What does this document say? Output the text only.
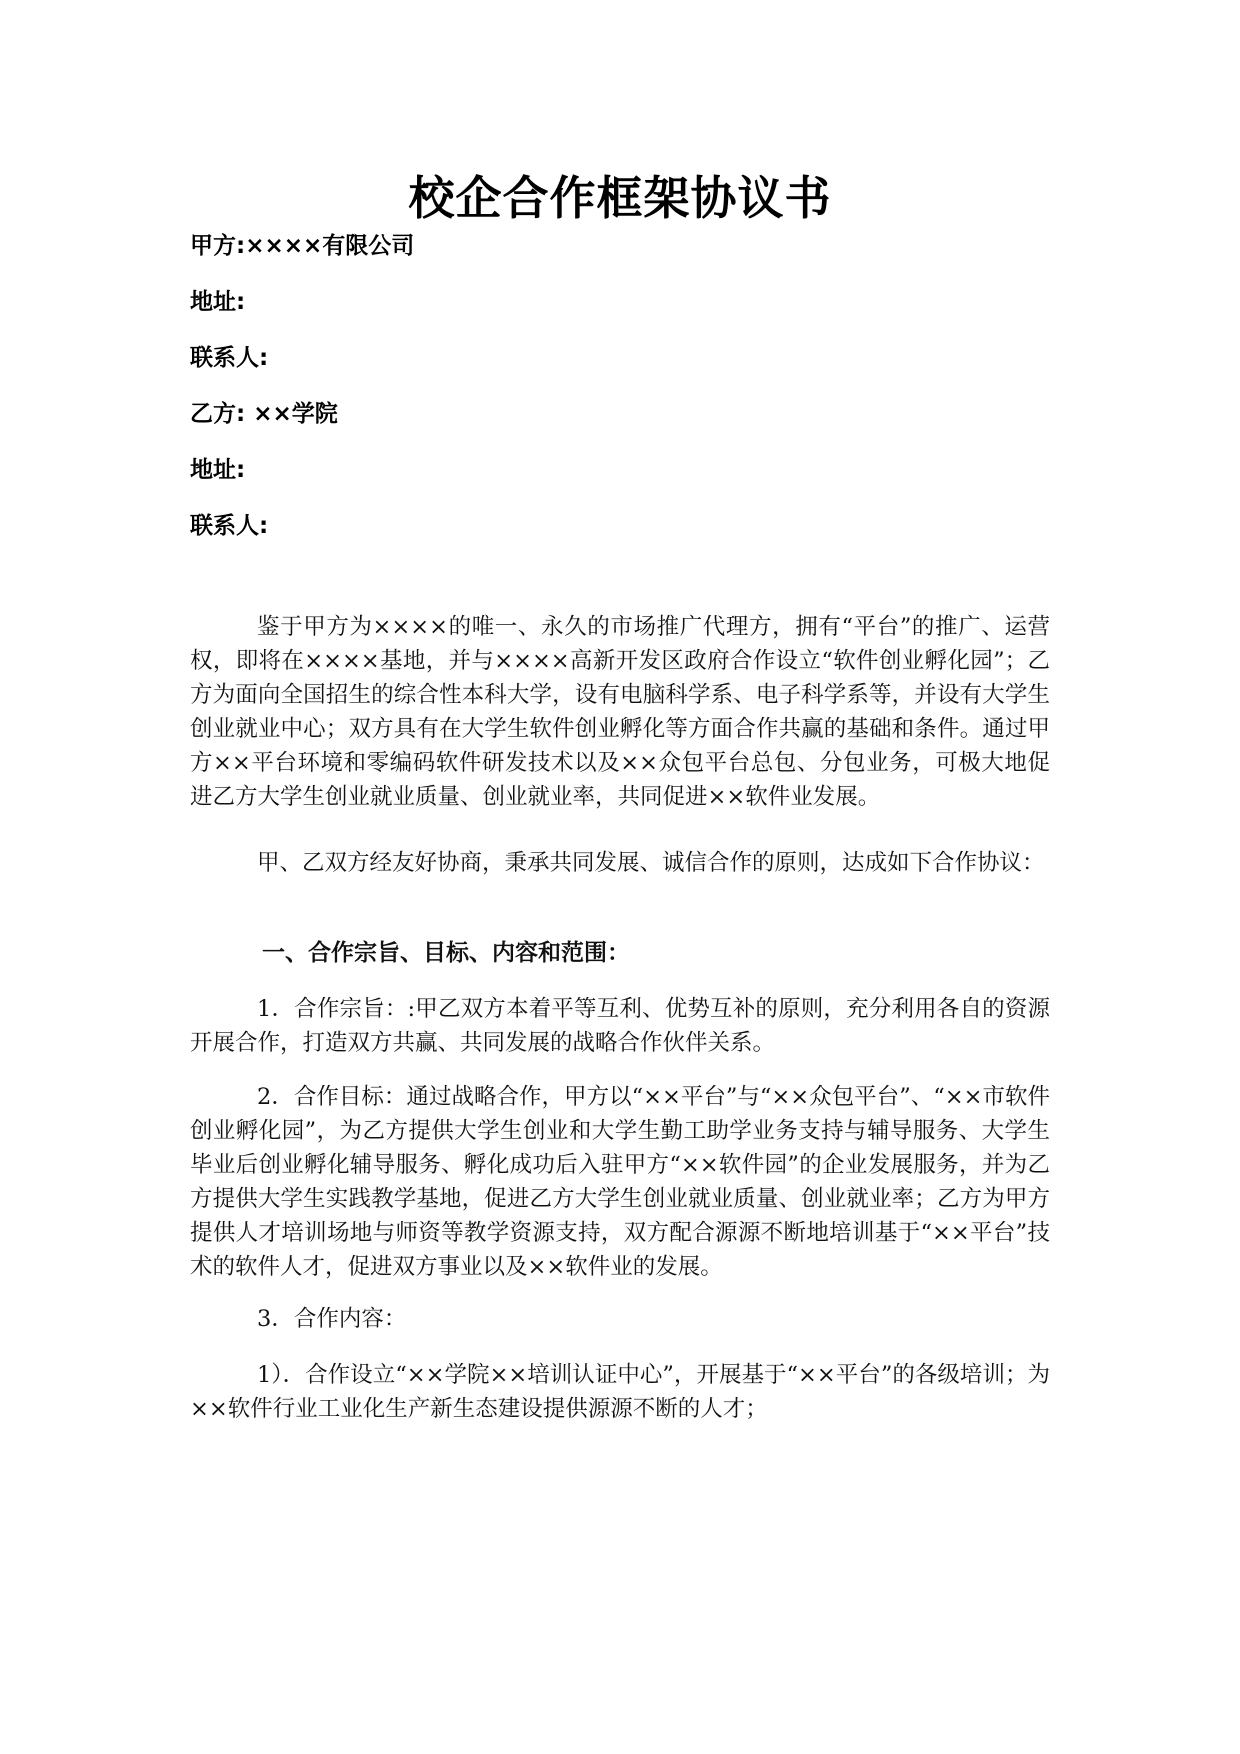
校企合作框架协议书
甲方:××××有限公司
地址:
联系人:
乙方: ××学院
地址:
联系人:

鉴于甲方为××××的唯一、永久的市场推广代理方，拥有“平台”的推广、运营权，即将在××××基地，并与××××高新开发区政府合作设立“软件创业孵化园”；乙方为面向全国招生的综合性本科大学，设有电脑科学系、电子科学系等，并设有大学生创业就业中心；双方具有在大学生软件创业孵化等方面合作共赢的基础和条件。通过甲方××平台环境和零编码软件研发技术以及××众包平台总包、分包业务，可极大地促进乙方大学生创业就业质量、创业就业率，共同促进××软件业发展。

甲、乙双方经友好协商，秉承共同发展、诚信合作的原则，达成如下合作协议：

一、合作宗旨、目标、内容和范围：

1．合作宗旨：:甲乙双方本着平等互利、优势互补的原则，充分利用各自的资源开展合作，打造双方共赢、共同发展的战略合作伙伴关系。

2．合作目标：通过战略合作，甲方以“××平台”与“××众包平台”、“××市软件创业孵化园”，为乙方提供大学生创业和大学生勤工助学业务支持与辅导服务、大学生毕业后创业孵化辅导服务、孵化成功后入驻甲方“××软件园”的企业发展服务，并为乙方提供大学生实践教学基地，促进乙方大学生创业就业质量、创业就业率；乙方为甲方提供人才培训场地与师资等教学资源支持，双方配合源源不断地培训基于“××平台”技术的软件人才，促进双方事业以及××软件业的发展。

3．合作内容：

1）．合作设立“××学院××培训认证中心”，开展基于“××平台”的各级培训；为××软件行业工业化生产新生态建设提供源源不断的人才；
